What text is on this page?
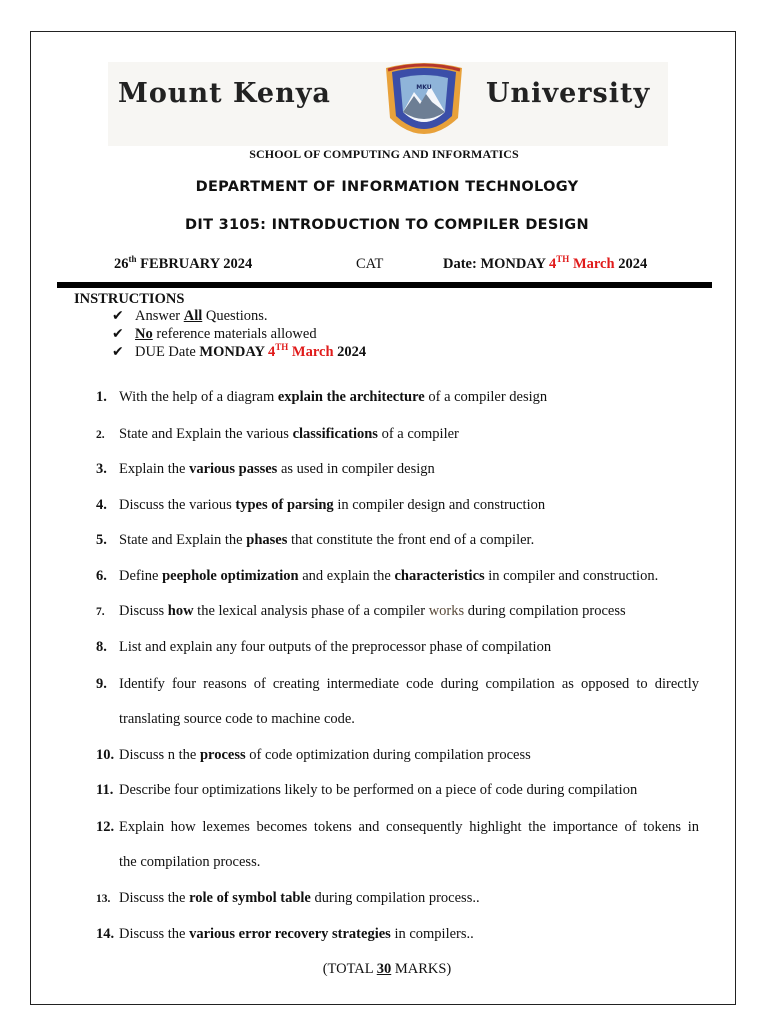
Mount Kenya	MKU University
SCHOOL OF COMPUTING AND INFORMATICS
DEPARTMENT OF INFORMATION TECHNOLOGY
DIT 3105: INTRODUCTION TO COMPILER DESIGN
26th FEBRUARY 2024	CAT	Date: MONDAY 4TH March 2024
INSTRUCTIONS
✔ Answer All Questions.
✔ No reference materials allowed
✔ DUE Date MONDAY 4TH March 2024
1. With the help of a diagram explain the architecture of a compiler design
2. State and Explain the various classifications of a compiler
3. Explain the various passes as used in compiler design
4. Discuss the various types of parsing in compiler design and construction
5. State and Explain the phases that constitute the front end of a compiler.
6. Define peephole optimization and explain the characteristics in compiler and construction.
7. Discuss how the lexical analysis phase of a compiler works during compilation process
8. List and explain any four outputs of the preprocessor phase of compilation
9. Identify four reasons of creating intermediate code during compilation as opposed to directly
translating source code to machine code.
10. Discuss n the process of code optimization during compilation process
11. Describe four optimizations likely to be performed on a piece of code during compilation
12. Explain how lexemes becomes tokens and consequently highlight the importance of tokens in
the compilation process.
13. Discuss the role of symbol table during compilation process..
14. Discuss the various error recovery strategies in compilers..
(TOTAL 30 MARKS)
